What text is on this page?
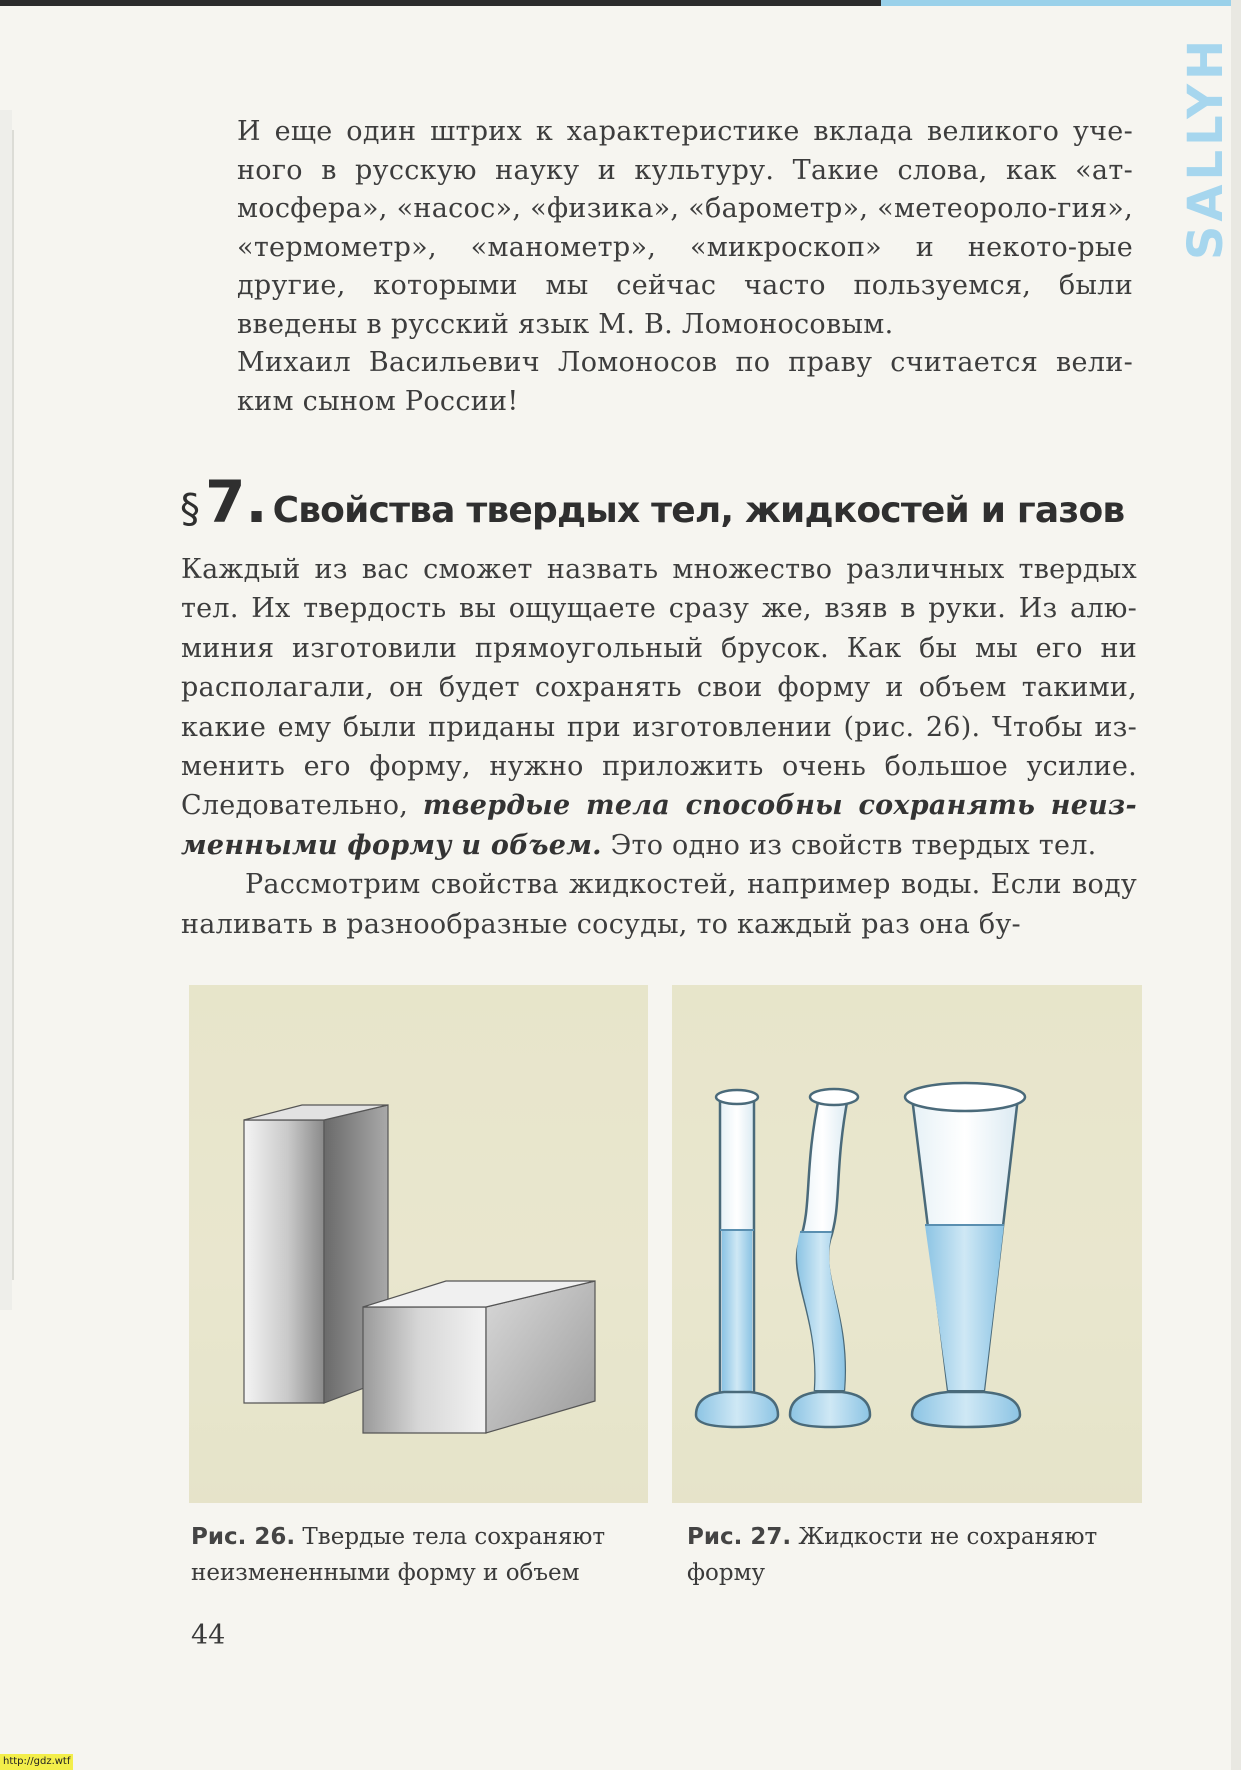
SALLYH

И еще один штрих к характеристике вклада великого уче-ного в русскую науку и культуру. Такие слова, как «ат-мосфера», «насос», «физика», «барометр», «метеороло-гия», «термометр», «манометр», «микроскоп» и некото-рые другие, которыми мы сейчас часто пользуемся, были введены в русский язык М. В. Ломоносовым.

Михаил Васильевич Ломоносов по праву считается вели-ким сыном России!

§ 7. Свойства твердых тел, жидкостей и газов

Каждый из вас сможет назвать множество различных твердых тел. Их твердость вы ощущаете сразу же, взяв в руки. Из алю-миния изготовили прямоугольный брусок. Как бы мы его ни располагали, он будет сохранять свои форму и объем такими, какие ему были приданы при изготовлении (рис. 26). Чтобы из-менить его форму, нужно приложить очень большое усилие. Следовательно, твердые тела способны сохранять неиз-менными форму и объем. Это одно из свойств твердых тел.

Рассмотрим свойства жидкостей, например воды. Если воду наливать в разнообразные сосуды, то каждый раз она бу-

Рис. 26. Твердые тела сохраняют
неизмененными форму и объем
Рис. 27. Жидкости не сохраняют
форму
44
http://gdz.wtf
